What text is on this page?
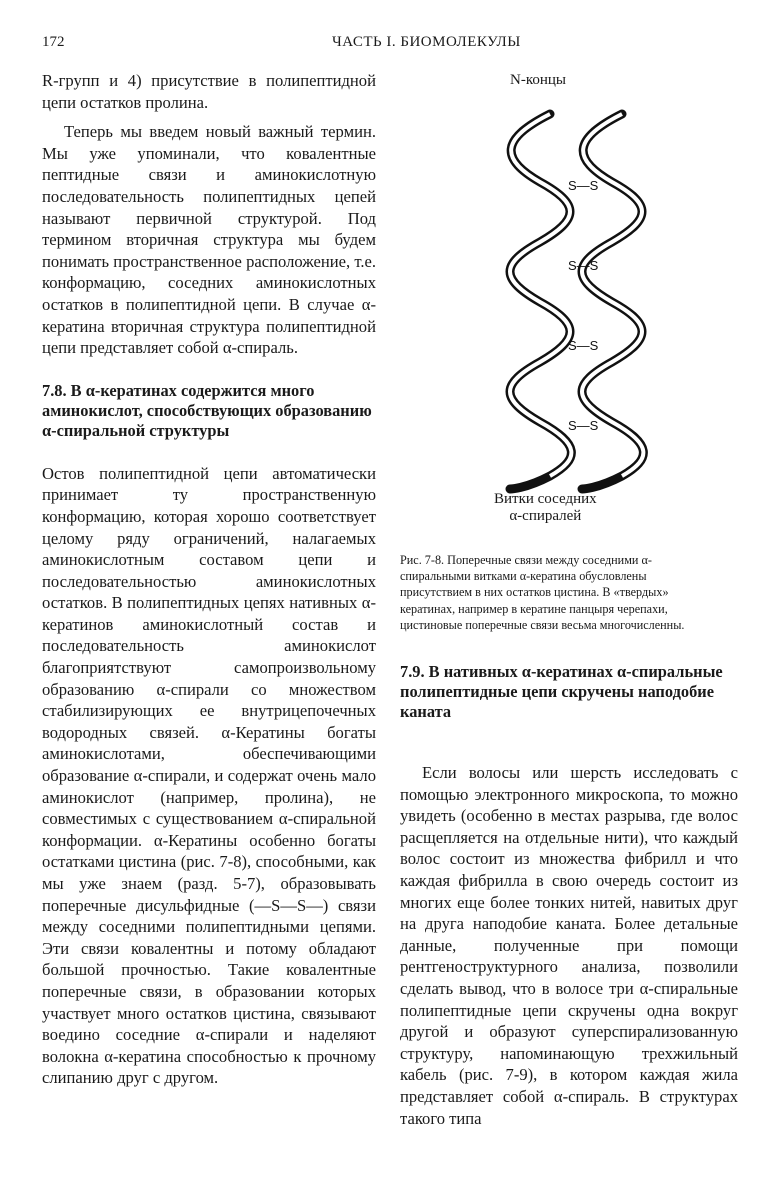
172	ЧАСТЬ I. БИОМОЛЕКУЛЫ

R-групп и 4) присутствие в полипептидной цепи остатков пролина.

Теперь мы введем новый важный термин. Мы уже упоминали, что ковалентные пептидные связи и аминокислотную последовательность полипептидных цепей называют первичной структурой. Под термином вторичная структура мы будем понимать пространственное расположение, т.е. конформацию, соседних аминокислотных остатков в полипептидной цепи. В случае α-кератина вторичная структура полипептидной цепи представляет собой α-спираль.

7.8. В α-кератинах содержится много аминокислот, способствующих образованию α-спиральной структуры

Остов полипептидной цепи автоматически принимает ту пространственную конформацию, которая хорошо соответствует целому ряду ограничений, налагаемых аминокислотным составом цепи и последовательностью аминокислотных остатков. В полипептидных цепях нативных α-кератинов аминокислотный состав и последовательность аминокислот благоприятствуют самопроизвольному образованию α-спирали со множеством стабилизирующих ее внутрицепочечных водородных связей. α-Кератины богаты аминокислотами, обеспечивающими образование α-спирали, и содержат очень мало аминокислот (например, пролина), не совместимых с существованием α-спиральной конформации. α-Кератины особенно богаты остатками цистина (рис. 7-8), способными, как мы уже знаем (разд. 5-7), образовывать поперечные дисульфидные (—S—S—) связи между соседними полипептидными цепями. Эти связи ковалентны и потому обладают большой прочностью. Такие ковалентные поперечные связи, в образовании которых участвует много остатков цистина, связывают воедино соседние α-спирали и наделяют волокна α-кератина способностью к прочному слипанию друг с другом.

S—S
S—S
S—S
S—S
N-концы
Витки соседних
α-спиралей
Рис. 7-8. Поперечные связи между соседними α-спиральными витками α-кератина обусловлены присутствием в них остатков цистина. В «твердых» кератинах, например в кератине панцыря черепахи, цистиновые поперечные связи весьма многочисленны.
7.9. В нативных α-кератинах α-спиральные полипептидные цепи скручены наподобие каната

Если волосы или шерсть исследовать с помощью электронного микроскопа, то можно увидеть (особенно в местах разрыва, где волос расщепляется на отдельные нити), что каждый волос состоит из множества фибрилл и что каждая фибрилла в свою очередь состоит из многих еще более тонких нитей, навитых друг на друга наподобие каната. Более детальные данные, полученные при помощи рентгеноструктурного анализа, позволили сделать вывод, что в волосе три α-спиральные полипептидные цепи скручены одна вокруг другой и образуют суперспирализованную структуру, напоминающую трехжильный кабель (рис. 7-9), в котором каждая жила представляет собой α-спираль. В структурах такого типа
